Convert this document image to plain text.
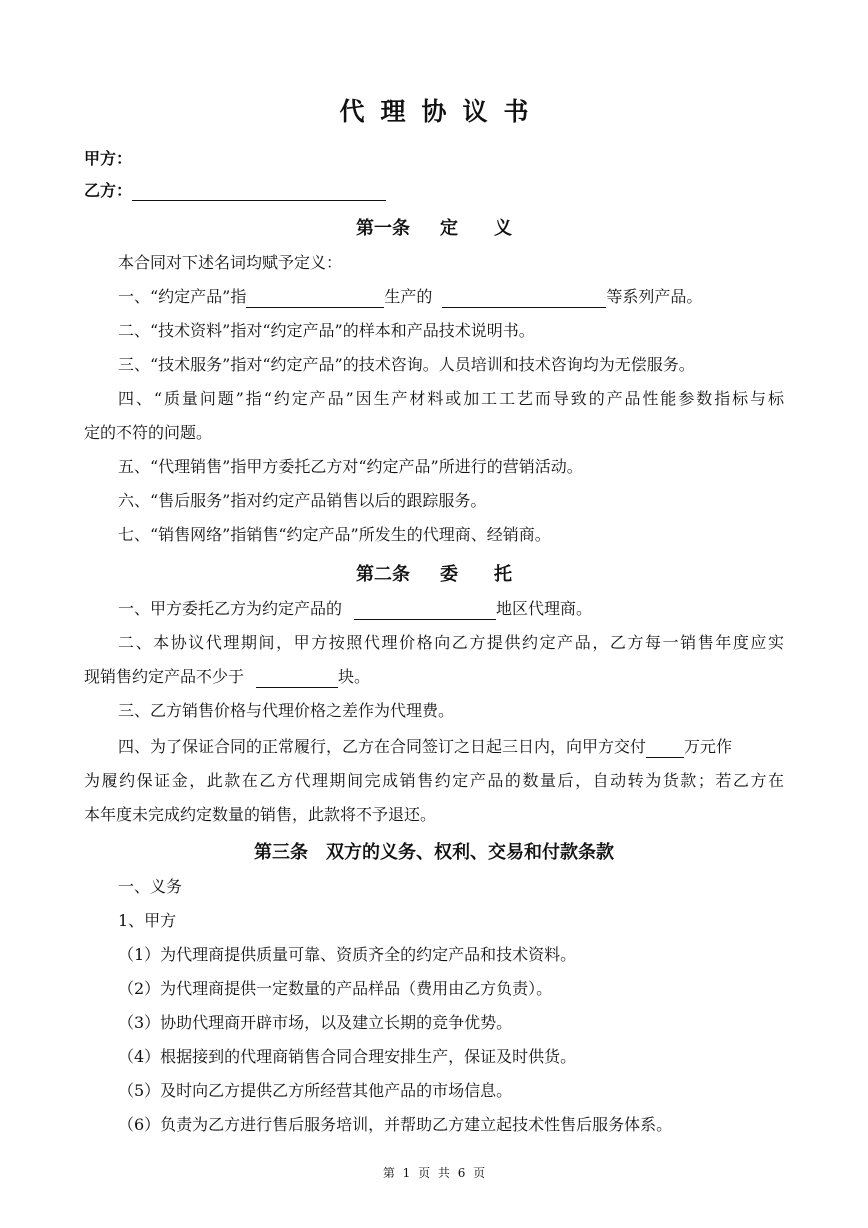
代理协议书
甲方：
乙方：
第一条 定　　义
本合同对下述名词均赋予定义：
一、“约定产品”指	生产的	等系列产品。
二、“技术资料”指对“约定产品”的样本和产品技术说明书。
三、“技术服务”指对“约定产品”的技术咨询。人员培训和技术咨询均为无偿服务。
四、“质量问题”指“约定产品”因生产材料或加工工艺而导致的产品性能参数指标与标
定的不符的问题。
五、“代理销售”指甲方委托乙方对“约定产品”所进行的营销活动。
六、“售后服务”指对约定产品销售以后的跟踪服务。
七、“销售网络”指销售“约定产品”所发生的代理商、经销商。
第二条 委　　托
一、甲方委托乙方为约定产品的	地区代理商。
二、本协议代理期间，甲方按照代理价格向乙方提供约定产品，乙方每一销售年度应实
现销售约定产品不少于	块。
三、乙方销售价格与代理价格之差作为代理费。
四、为了保证合同的正常履行，乙方在合同签订之日起三日内，向甲方交付 万元作
为履约保证金，此款在乙方代理期间完成销售约定产品的数量后，自动转为货款；若乙方在
本年度未完成约定数量的销售，此款将不予退还。
第三条 双方的义务、权利、交易和付款条款
一、义务
1、甲方
（1）为代理商提供质量可靠、资质齐全的约定产品和技术资料。
（2）为代理商提供一定数量的产品样品（费用由乙方负责）。
（3）协助代理商开辟市场，以及建立长期的竞争优势。
（4）根据接到的代理商销售合同合理安排生产，保证及时供货。
（5）及时向乙方提供乙方所经营其他产品的市场信息。
（6）负责为乙方进行售后服务培训，并帮助乙方建立起技术性售后服务体系。
第 1 页 共 6 页
